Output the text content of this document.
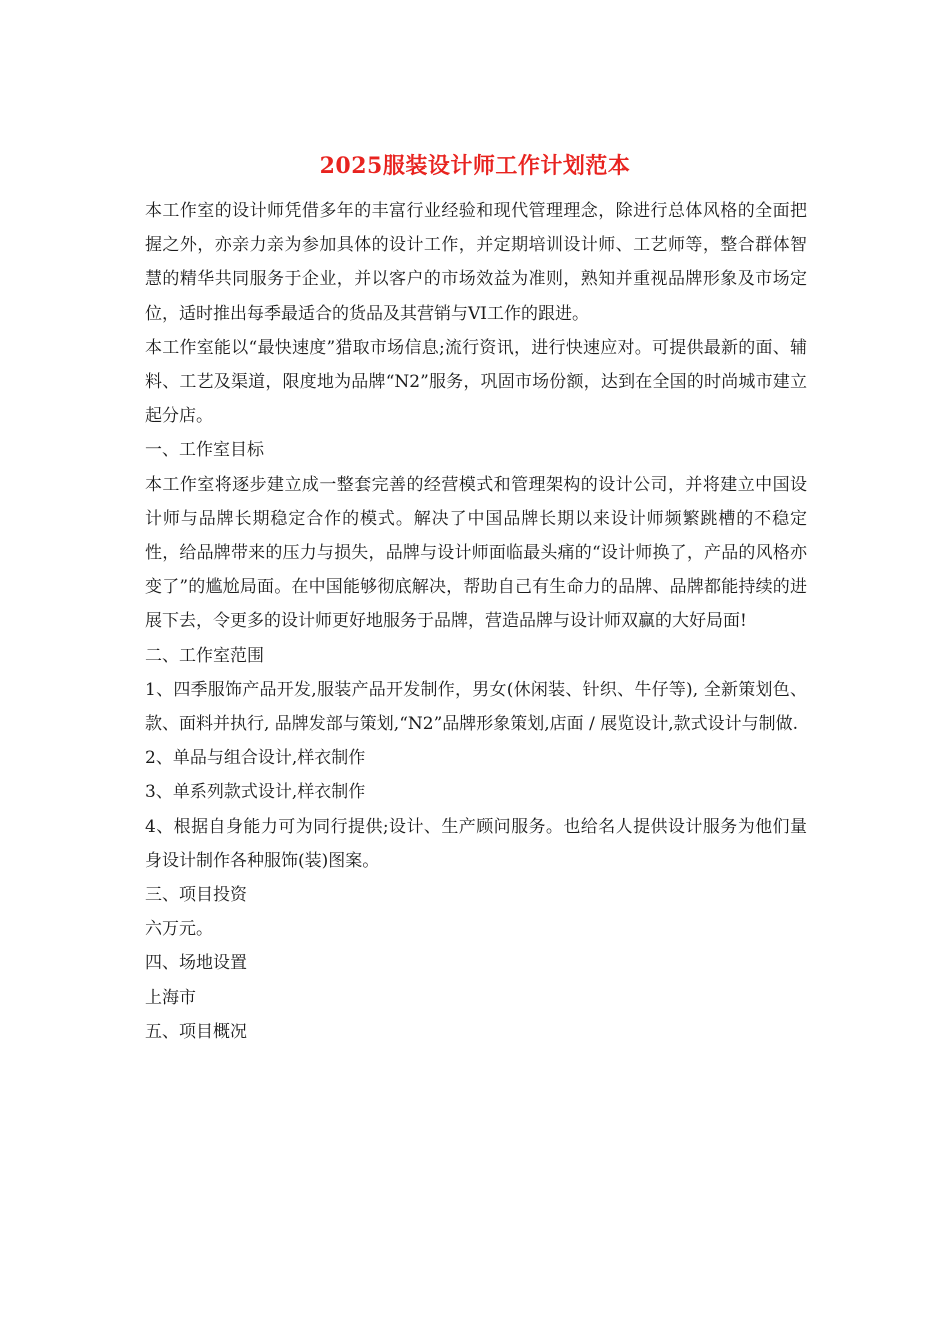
2025服装设计师工作计划范本

本工作室的设计师凭借多年的丰富行业经验和现代管理理念，除进行总体风格的全面把握之外，亦亲力亲为参加具体的设计工作，并定期培训设计师、工艺师等，整合群体智慧的精华共同服务于企业，并以客户的市场效益为准则，熟知并重视品牌形象及市场定位，适时推出每季最适合的货品及其营销与VI工作的跟进。

本工作室能以“最快速度”猎取市场信息;流行资讯，进行快速应对。可提供最新的面、辅料、工艺及渠道，限度地为品牌“N2”服务，巩固市场份额，达到在全国的时尚城市建立起分店。

一、工作室目标

本工作室将逐步建立成一整套完善的经营模式和管理架构的设计公司，并将建立中国设计师与品牌长期稳定合作的模式。解决了中国品牌长期以来设计师频繁跳槽的不稳定性，给品牌带来的压力与损失，品牌与设计师面临最头痛的“设计师换了，产品的风格亦变了”的尴尬局面。在中国能够彻底解决，帮助自己有生命力的品牌、品牌都能持续的进展下去，令更多的设计师更好地服务于品牌，营造品牌与设计师双赢的大好局面!

二、工作室范围

1、四季服饰产品开发,服装产品开发制作，男女(休闲装、针织、牛仔等), 全新策划色、款、面料并执行, 品牌发部与策划,“N2”品牌形象策划,店面 / 展览设计,款式设计与制做.

2、单品与组合设计,样衣制作

3、单系列款式设计,样衣制作

4、根据自身能力可为同行提供;设计、生产顾问服务。也给名人提供设计服务为他们量身设计制作各种服饰(装)图案。

三、项目投资

六万元。

四、场地设置

上海市

五、项目概况
